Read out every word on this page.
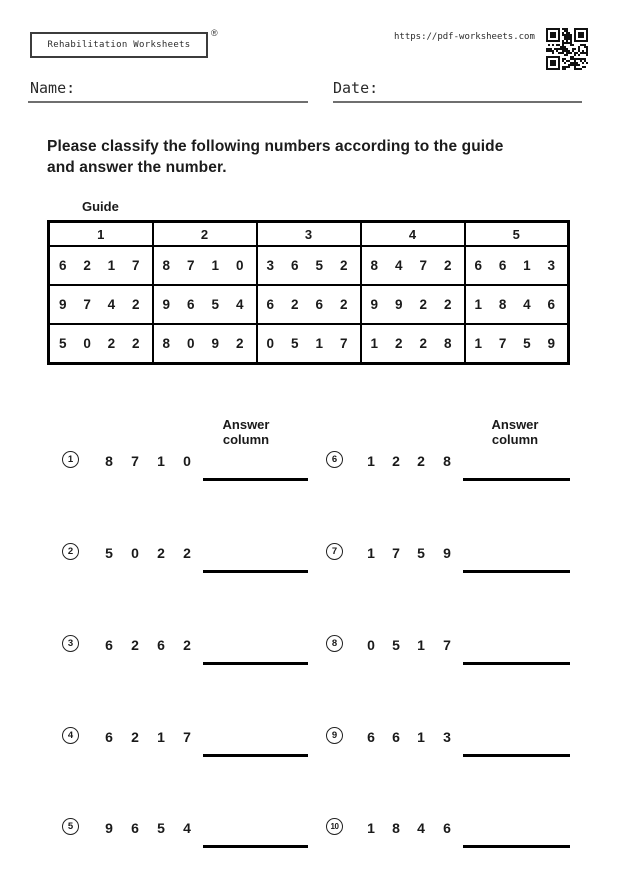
Rehabilitation Worksheets
®	https://pdf-worksheets.com
Name:	Date:
Please classify the following numbers according to the guide
and answer the number.
Guide
1	2	3	4	5

6 2 1 7	8 7 1 0	3 6 5 2	8 4 7 2	6 6 1 3

9 7 4 2	9 6 5 4	6 2 6 2	9 9 2 2	1 8 4 6

5 0 2 2	8 0 9 2	0 5 1 7	1 2 2 8	1 7 5 9
Answer column
Answer column
1	8 7 1 0
2	5 0 2 2
3	6 2 6 2
4	6 2 1 7
5	9 6 5 4
6	1 2 2 8
7	1 7 5 9
8	0 5 1 7
9	6 6 1 3
10	1 8 4 6
